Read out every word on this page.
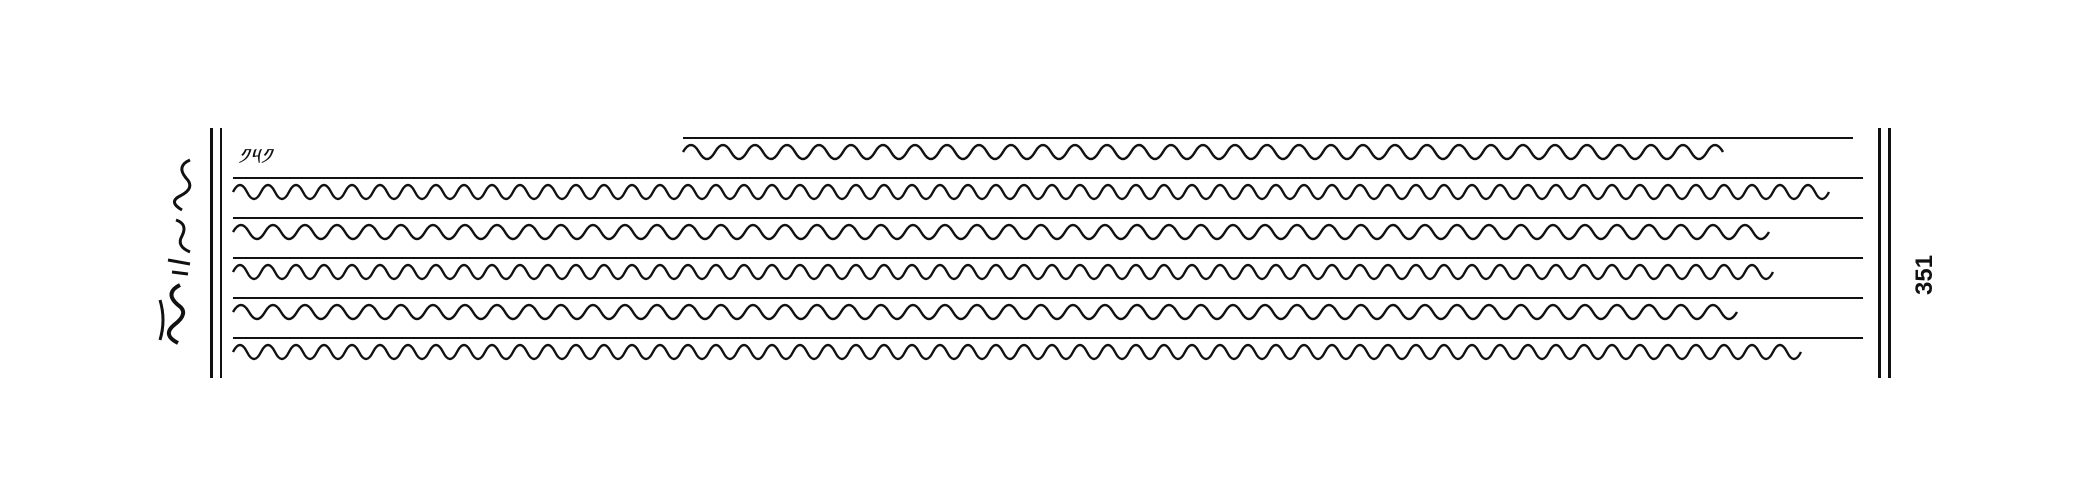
༡༥༡
351
